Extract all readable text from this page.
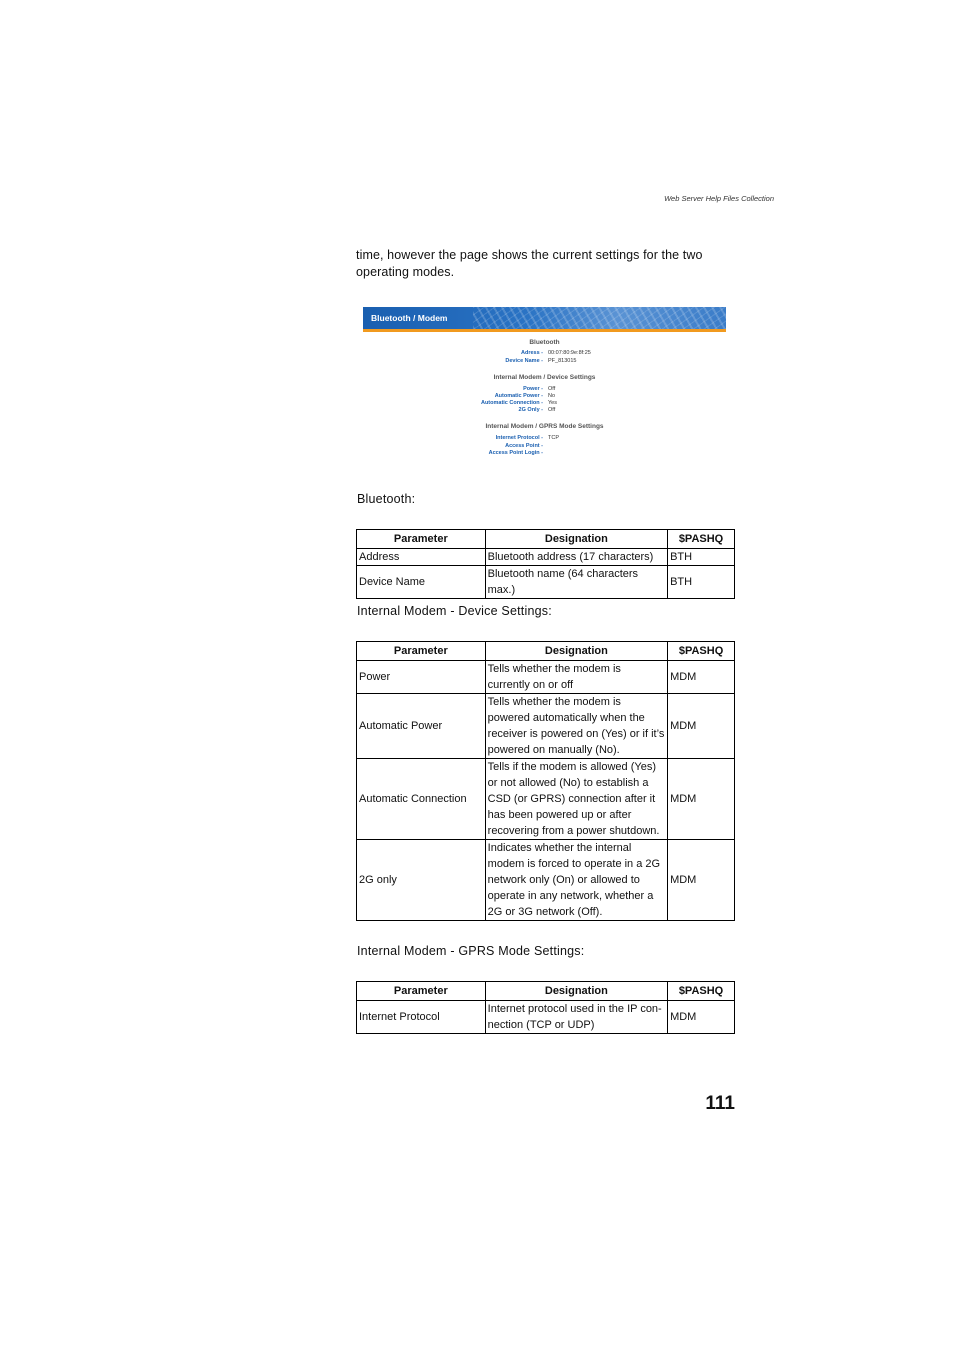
Web Server Help Files Collection
time, however the page shows the current settings for the two operating modes.
Bluetooth / Modem
Bluetooth
Adress - 00:07:80:9e:8f:25
Device Name - PF_813015
Internal Modem / Device Settings
Power - Off
Automatic Power - No
Automatic Connection - Yes
2G Only - Off
Internal Modem / GPRS Mode Settings
Internet Protocol - TCP
Access Point -
Access Point Login -
Bluetooth:
Parameter	Designation	$PASHQ
Address	Bluetooth address (17 characters)	BTH
Device Name	Bluetooth name (64 characters max.)	BTH
Internal Modem - Device Settings:
Parameter	Designation	$PASHQ
Power	Tells whether the modem is currently on or off	MDM
Automatic Power	Tells whether the modem is powered automatically when the receiver is powered on (Yes) or if it’s powered on manually (No).	MDM
Automatic Connection	Tells if the modem is allowed (Yes) or not allowed (No) to establish a CSD (or GPRS) connection after it has been powered up or after recovering from a power shutdown.	MDM
2G only	Indicates whether the internal modem is forced to operate in a 2G network only (On) or allowed to operate in any network, whether a 2G or 3G network (Off).	MDM
Internal Modem - GPRS Mode Settings:
Parameter	Designation	$PASHQ
Internet Protocol	Internet protocol used in the IP con-nection (TCP or UDP)	MDM
111
